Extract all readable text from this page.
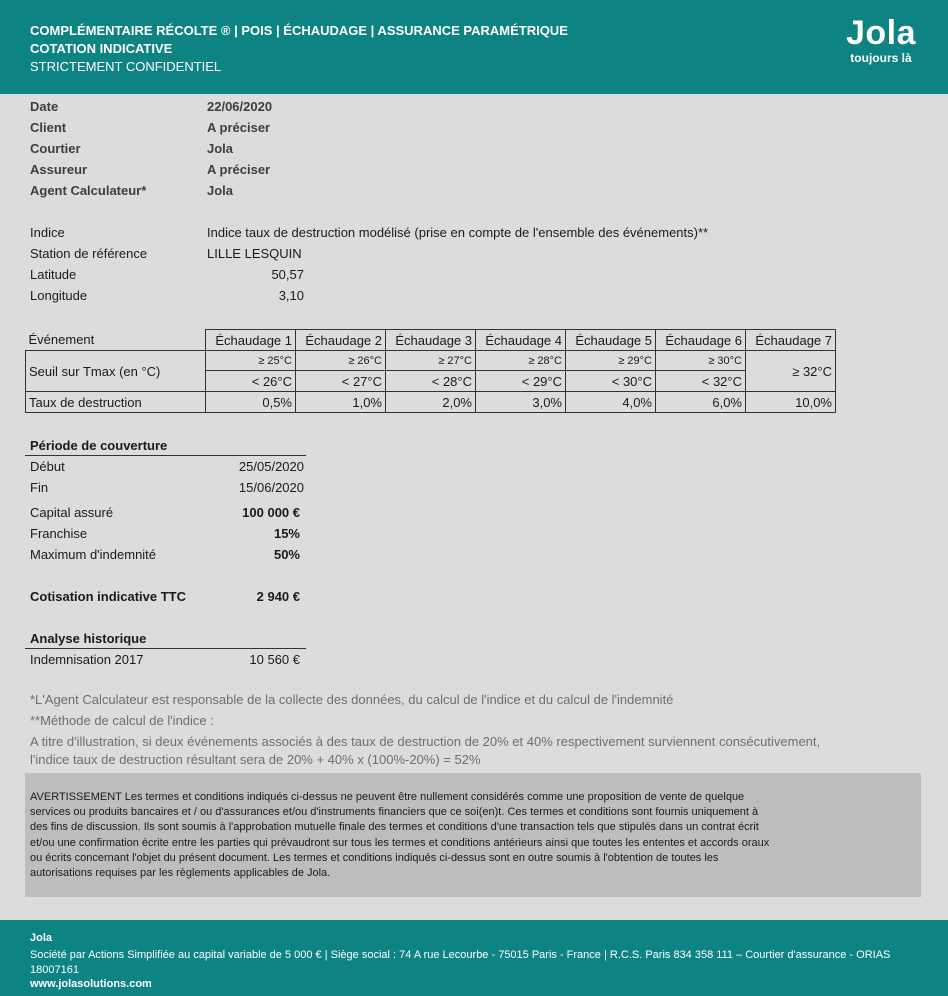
COMPLÉMENTAIRE RÉCOLTE ® | POIS | ÉCHAUDAGE | ASSURANCE PARAMÉTRIQUE
COTATION INDICATIVE
STRICTEMENT CONFIDENTIEL
Jola
toujours là
Date	22/06/2020
Client	A préciser
Courtier	Jola
Assureur	A préciser
Agent Calculateur*	Jola
Indice	Indice taux de destruction modélisé (prise en compte de l'ensemble des événements)**
Station de référence	LILLE LESQUIN
Latitude	50,57
Longitude	3,10
Événement	Échaudage 1	Échaudage 2	Échaudage 3	Échaudage 4	Échaudage 5	Échaudage 6	Échaudage 7
Seuil sur Tmax (en °C)	≥ 25°C	≥ 26°C	≥ 27°C	≥ 28°C	≥ 29°C	≥ 30°C	≥ 32°C
	< 26°C	< 27°C	< 28°C	< 29°C	< 30°C	< 32°C	
Taux de destruction	0,5%	1,0%	2,0%	3,0%	4,0%	6,0%	10,0%
Période de couverture
Début	25/05/2020
Fin	15/06/2020
Capital assuré	100 000 €
Franchise	15%
Maximum d'indemnité	50%
Cotisation indicative TTC	2 940 €
Analyse historique
Indemnisation 2017	10 560 €
*L'Agent Calculateur est responsable de la collecte des données, du calcul de l'indice et du calcul de l'indemnité
**Méthode de calcul de l'indice :
A titre d'illustration, si deux événements associés à des taux de destruction de 20% et 40% respectivement surviennent consécutivement,
l'indice taux de destruction résultant sera de 20% + 40% x (100%-20%) = 52%
AVERTISSEMENT Les termes et conditions indiqués ci-dessus ne peuvent être nullement considérés comme une proposition de vente de quelque
services ou produits bancaires et / ou d'assurances et/ou d'instruments financiers que ce soi(en)t. Ces termes et conditions sont fournis uniquement à
des fins de discussion. Ils sont soumis à l'approbation mutuelle finale des termes et conditions d'une transaction tels que stipulés dans un contrat écrit
et/ou une confirmation écrite entre les parties qui prévaudront sur tous les termes et conditions antérieurs ainsi que toutes les ententes et accords oraux
ou écrits concernant l'objet du présent document. Les termes et conditions indiqués ci-dessus sont en outre soumis à l'obtention de toutes les
autorisations requises par les règlements applicables de Jola.
Jola
Société par Actions Simplifiée au capital variable de 5 000 € | Siège social : 74 A rue Lecourbe - 75015 Paris - France | R.C.S. Paris 834 358 111 – Courtier d'assurance - ORIAS 18007161
www.jolasolutions.com
